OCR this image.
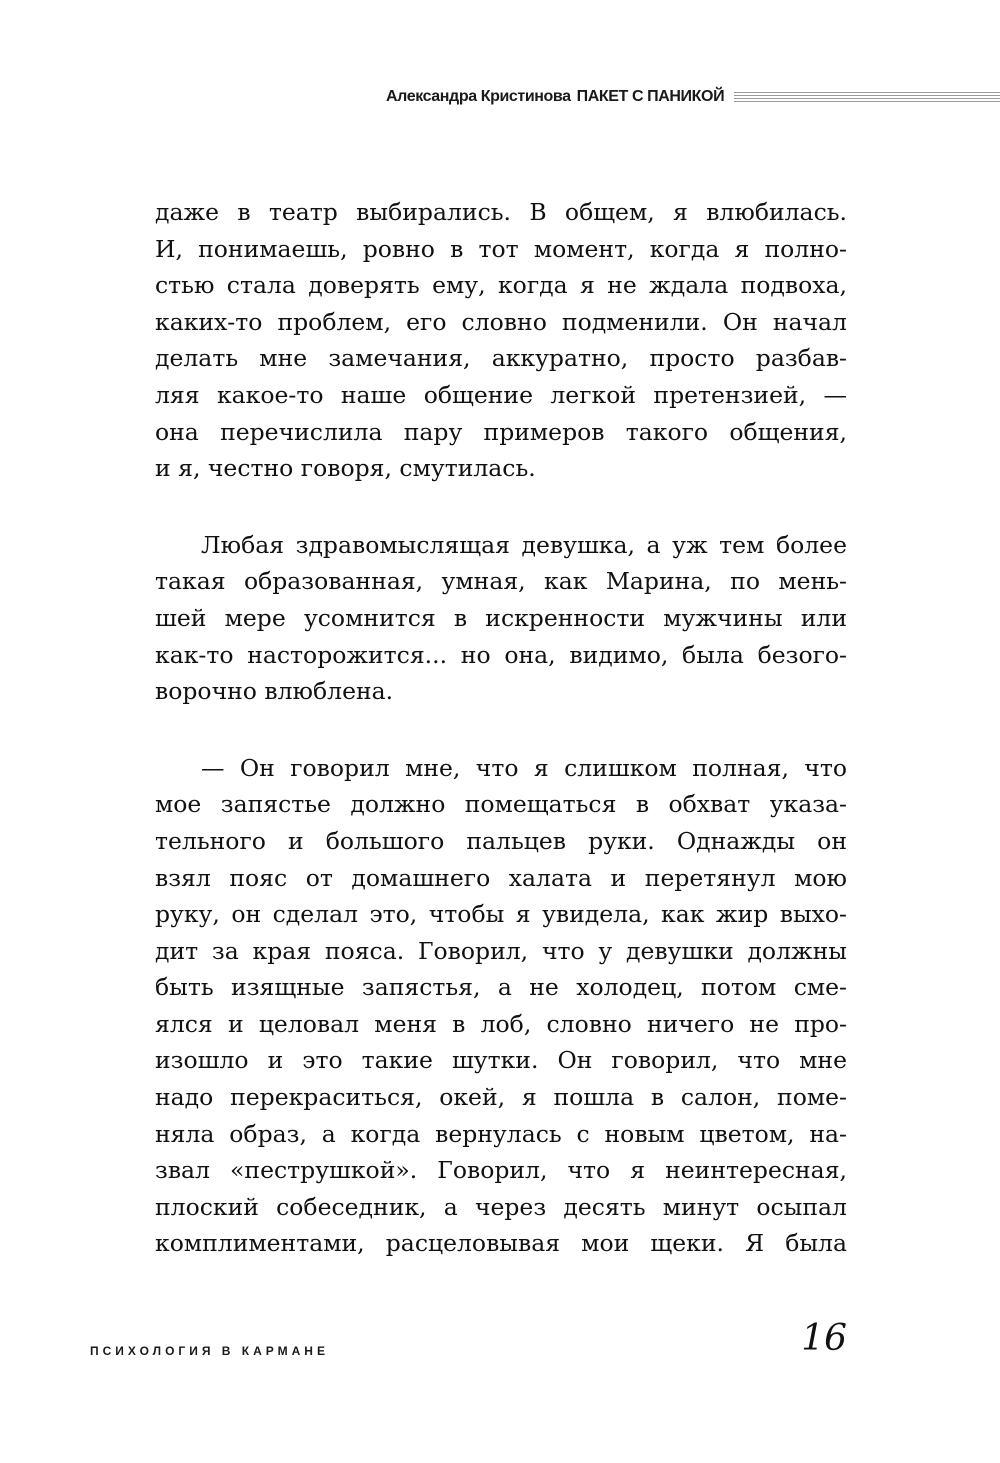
Александра Кристинова ПАКЕТ С ПАНИКОЙ

даже в театр выбирались. В общем, я влюбилась.

И, понимаешь, ровно в тот момент, когда я полно-

стью стала доверять ему, когда я не ждала подвоха,

каких-то проблем, его словно подменили. Он начал

делать мне замечания, аккуратно, просто разбав-

ляя какое-то наше общение легкой претензией, —

она перечислила пару примеров такого общения,

и я, честно говоря, смутилась.

Любая здравомыслящая девушка, а уж тем более

такая образованная, умная, как Марина, по мень-

шей мере усомнится в искренности мужчины или

как-то насторожится... но она, видимо, была безого-

ворочно влюблена.

— Он говорил мне, что я слишком полная, что

мое запястье должно помещаться в обхват указа-

тельного и большого пальцев руки. Однажды он

взял пояс от домашнего халата и перетянул мою

руку, он сделал это, чтобы я увидела, как жир выхо-

дит за края пояса. Говорил, что у девушки должны

быть изящные запястья, а не холодец, потом сме-

ялся и целовал меня в лоб, словно ничего не про-

изошло и это такие шутки. Он говорил, что мне

надо перекраситься, окей, я пошла в салон, поме-

няла образ, а когда вернулась с новым цветом, на-

звал «пеструшкой». Говорил, что я неинтересная,

плоский собеседник, а через десять минут осыпал

комплиментами, расцеловывая мои щеки. Я была

ПСИХОЛОГИЯ В КАРМАНЕ	16
